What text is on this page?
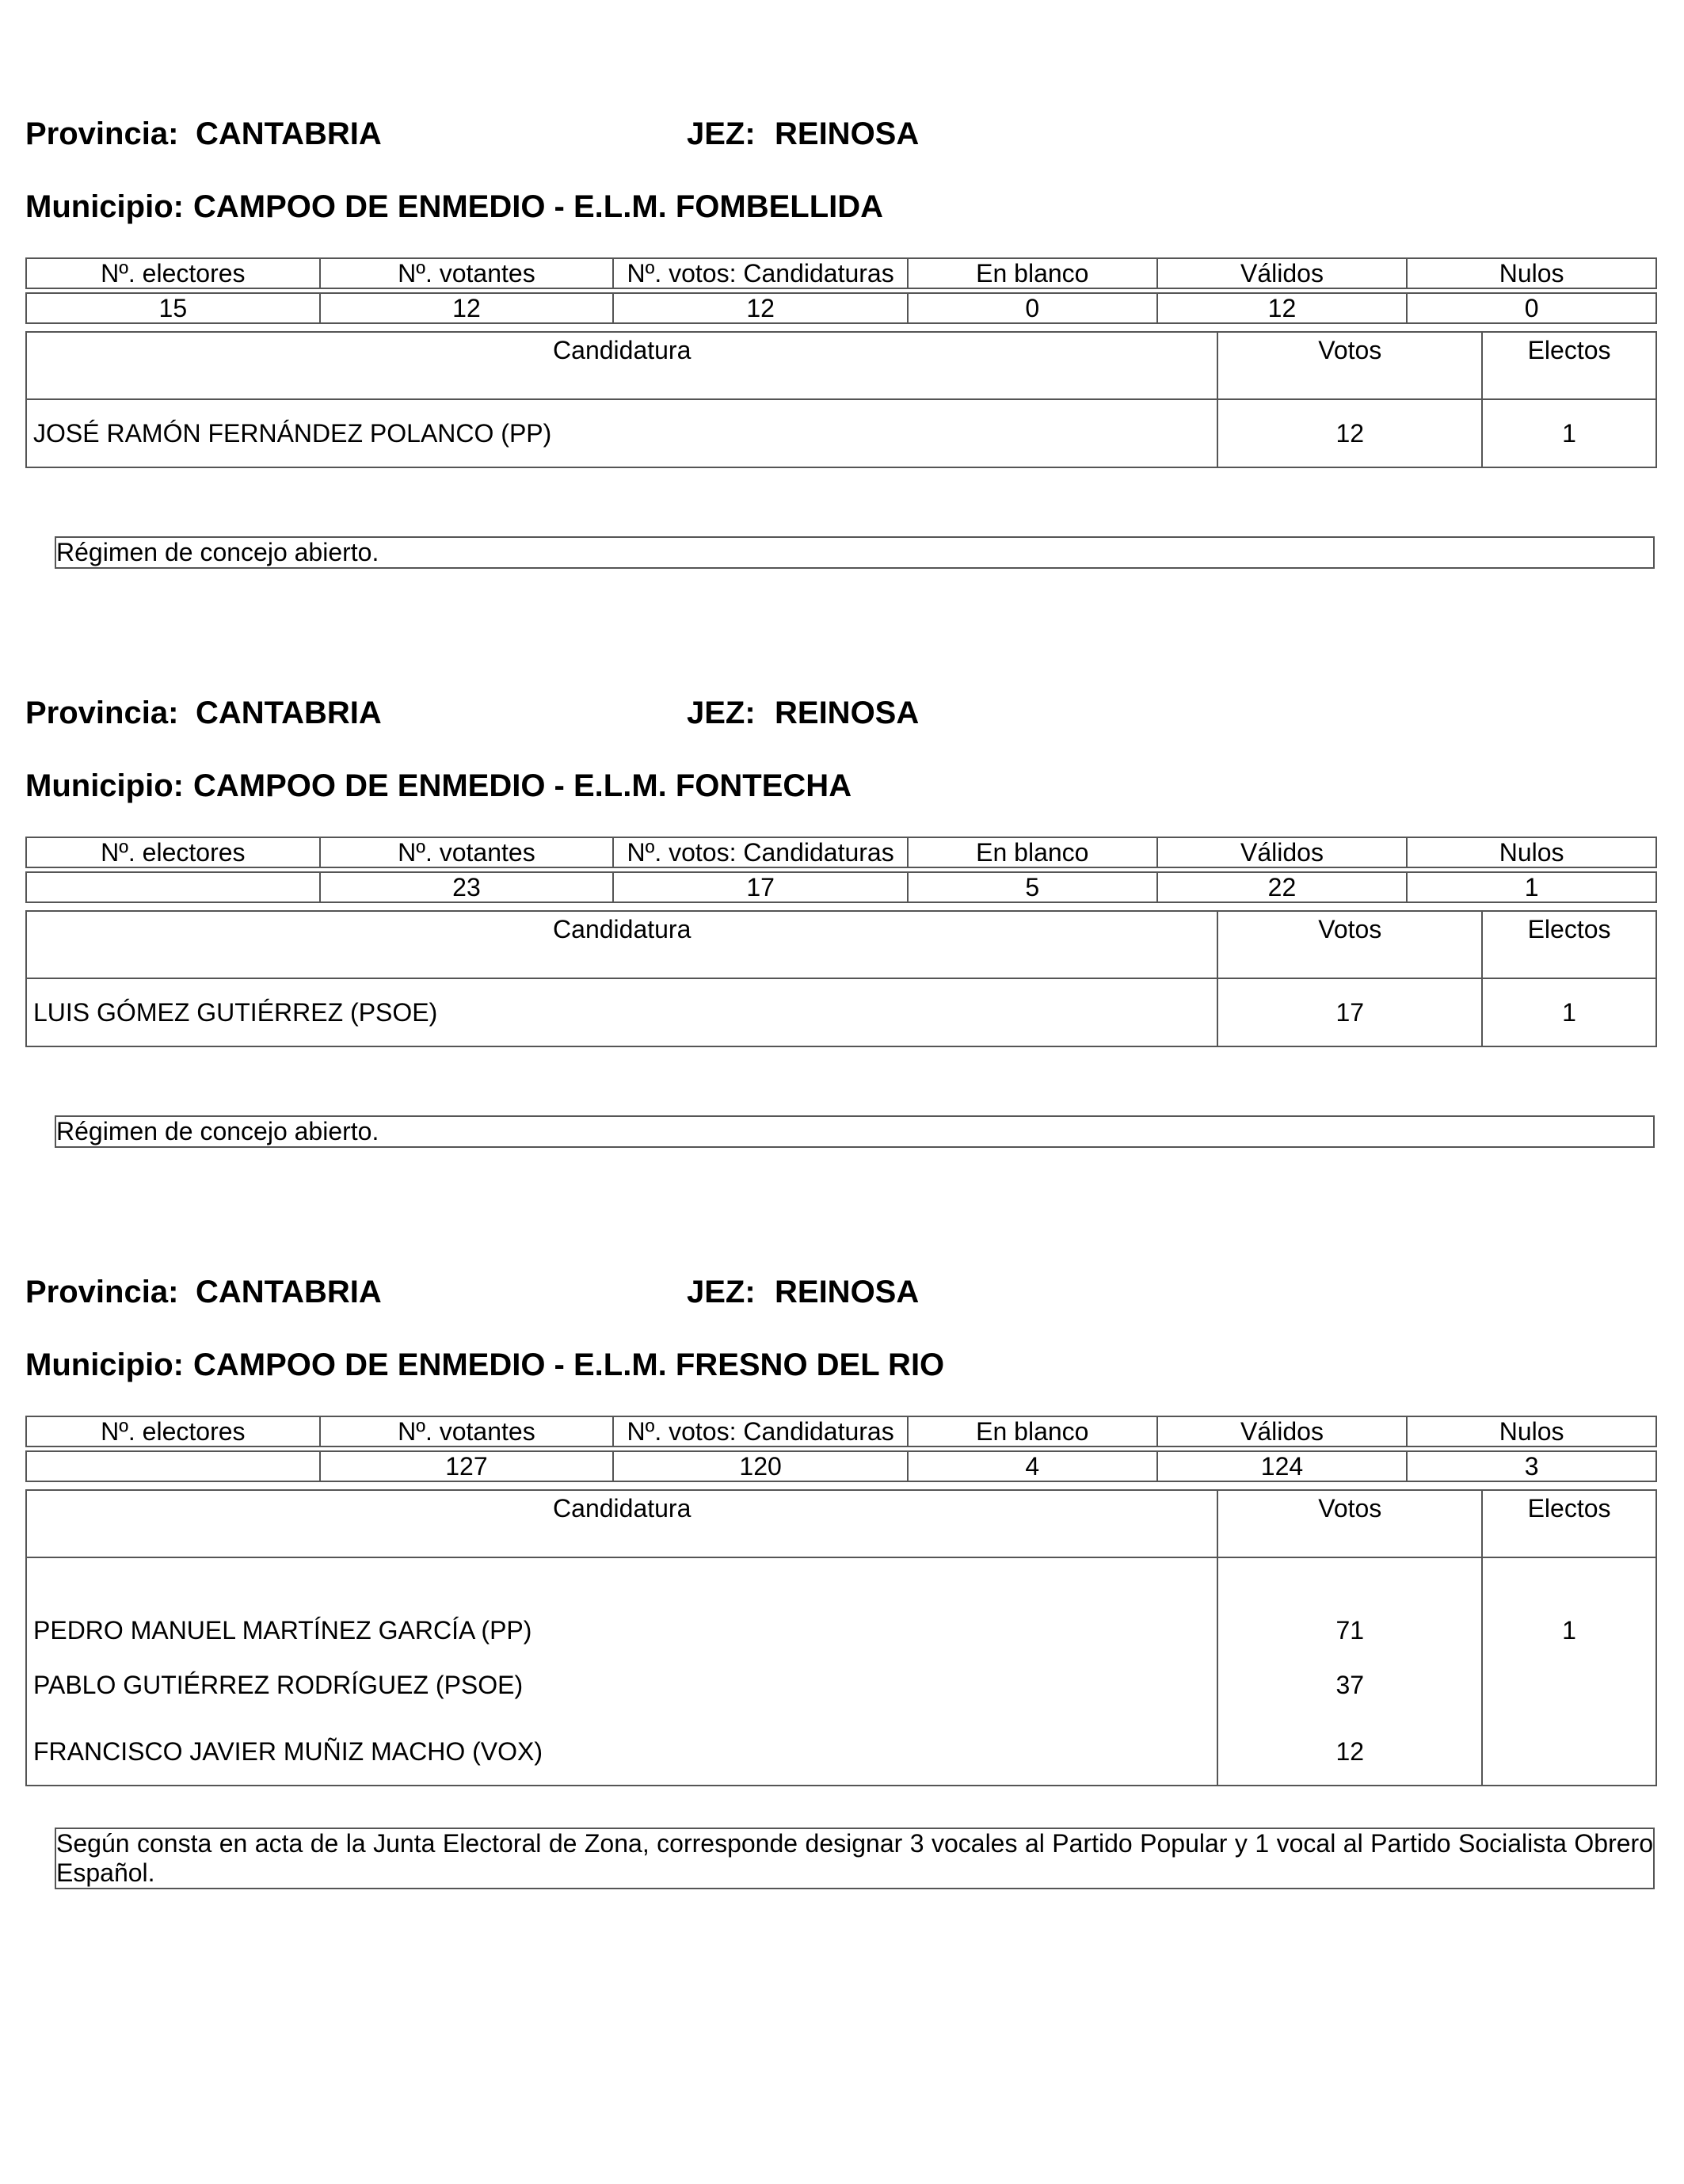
Provincia: CANTABRIA	JEZ: REINOSA
Municipio: CAMPOO DE ENMEDIO - E.L.M. FOMBELLIDA
Nº. electores	Nº. votantes	Nº. votos: Candidaturas	En blanco	Válidos	Nulos

15	12	12	0	12	0
Candidatura	Votos	Electos
JOSÉ RAMÓN FERNÁNDEZ POLANCO (PP)	12	1
Régimen de concejo abierto.
Provincia: CANTABRIA	JEZ: REINOSA
Municipio: CAMPOO DE ENMEDIO - E.L.M. FONTECHA
Nº. electores	Nº. votantes	Nº. votos: Candidaturas	En blanco	Válidos	Nulos

	23	17	5	22	1
Candidatura	Votos	Electos
LUIS GÓMEZ GUTIÉRREZ (PSOE)	17	1
Régimen de concejo abierto.
Provincia: CANTABRIA	JEZ: REINOSA
Municipio: CAMPOO DE ENMEDIO - E.L.M. FRESNO DEL RIO
Nº. electores	Nº. votantes	Nº. votos: Candidaturas	En blanco	Válidos	Nulos

	127	120	4	124	3
Candidatura	Votos	Electos
PEDRO MANUEL MARTÍNEZ GARCÍA (PP)	71	1
PABLO GUTIÉRREZ RODRÍGUEZ (PSOE)	37	
FRANCISCO JAVIER MUÑIZ MACHO (VOX)	12	
Según consta en acta de la Junta Electoral de Zona, corresponde designar 3 vocales al Partido Popular y 1 vocal al Partido Socialista Obrero Español.
